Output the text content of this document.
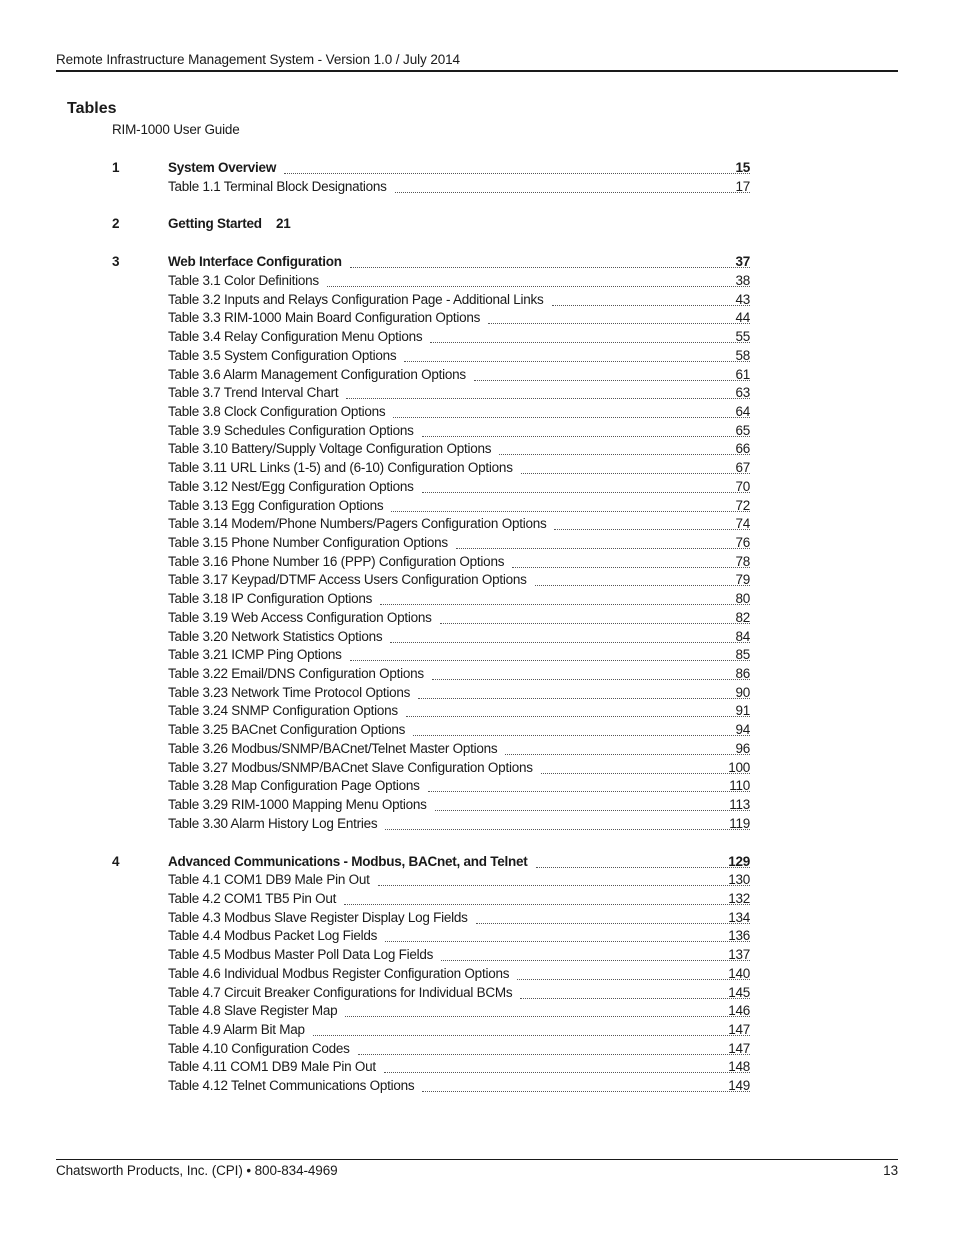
Remote Infrastructure Management System - Version 1.0 / July 2014
Tables
RIM-1000 User Guide
1	System Overview	15
Table 1.1 Terminal Block Designations	17
2	Getting Started 21
3	Web Interface Configuration	37
Table 3.1 Color Definitions	38
Table 3.2 Inputs and Relays Configuration Page - Additional Links	43
Table 3.3 RIM-1000 Main Board Configuration Options	44
Table 3.4 Relay Configuration Menu Options	55
Table 3.5 System Configuration Options	58
Table 3.6 Alarm Management Configuration Options	61
Table 3.7 Trend Interval Chart	63
Table 3.8 Clock Configuration Options	64
Table 3.9 Schedules Configuration Options	65
Table 3.10 Battery/Supply Voltage Configuration Options	66
Table 3.11 URL Links (1-5) and (6-10) Configuration Options	67
Table 3.12 Nest/Egg Configuration Options	70
Table 3.13 Egg Configuration Options	72
Table 3.14 Modem/Phone Numbers/Pagers Configuration Options	74
Table 3.15 Phone Number Configuration Options	76
Table 3.16 Phone Number 16 (PPP) Configuration Options	78
Table 3.17 Keypad/DTMF Access Users Configuration Options	79
Table 3.18 IP Configuration Options	80
Table 3.19 Web Access Configuration Options	82
Table 3.20 Network Statistics Options	84
Table 3.21 ICMP Ping Options	85
Table 3.22 Email/DNS Configuration Options	86
Table 3.23 Network Time Protocol Options	90
Table 3.24 SNMP Configuration Options	91
Table 3.25 BACnet Configuration Options	94
Table 3.26 Modbus/SNMP/BACnet/Telnet Master Options	96
Table 3.27 Modbus/SNMP/BACnet Slave Configuration Options	100
Table 3.28 Map Configuration Page Options	110
Table 3.29 RIM-1000 Mapping Menu Options	113
Table 3.30 Alarm History Log Entries	119
4	Advanced Communications - Modbus, BACnet, and Telnet	129
Table 4.1 COM1 DB9 Male Pin Out	130
Table 4.2 COM1 TB5 Pin Out	132
Table 4.3 Modbus Slave Register Display Log Fields	134
Table 4.4 Modbus Packet Log Fields	136
Table 4.5 Modbus Master Poll Data Log Fields	137
Table 4.6 Individual Modbus Register Configuration Options	140
Table 4.7 Circuit Breaker Configurations for Individual BCMs	145
Table 4.8 Slave Register Map	146
Table 4.9 Alarm Bit Map	147
Table 4.10 Configuration Codes	147
Table 4.11 COM1 DB9 Male Pin Out	148
Table 4.12 Telnet Communications Options	149
Chatsworth Products, Inc. (CPI) • 800-834-4969	13
